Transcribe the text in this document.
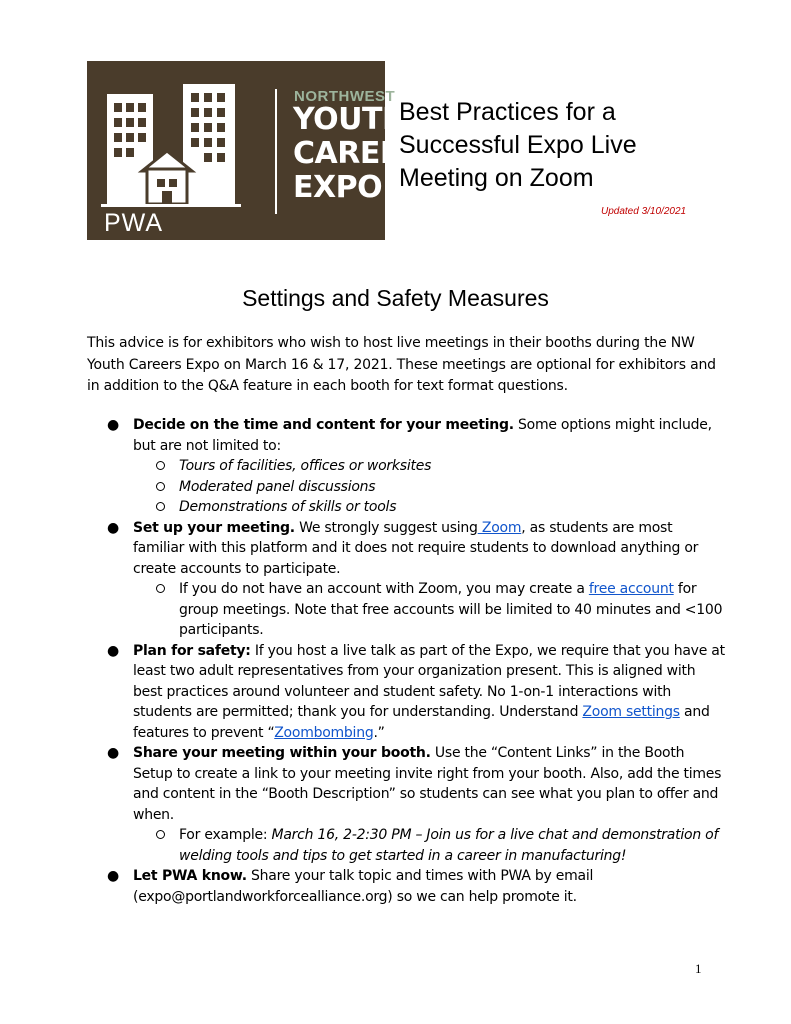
NORTHWEST
YOUTH
CAREERS
EXPO
PWA
Best Practices for a Successful Expo Live Meeting on Zoom
Updated 3/10/2021
Settings and Safety Measures
This advice is for exhibitors who wish to host live meetings in their booths during the NW Youth Careers Expo on March 16 & 17, 2021. These meetings are optional for exhibitors and in addition to the Q&A feature in each booth for text format questions.
● Decide on the time and content for your meeting. Some options might include, but are not limited to:
Tours of facilities, offices or worksites
Moderated panel discussions
Demonstrations of skills or tools
● Set up your meeting. We strongly suggest using Zoom, as students are most familiar with this platform and it does not require students to download anything or create accounts to participate.
If you do not have an account with Zoom, you may create a free account for group meetings. Note that free accounts will be limited to 40 minutes and <100 participants.
● Plan for safety: If you host a live talk as part of the Expo, we require that you have at least two adult representatives from your organization present. This is aligned with best practices around volunteer and student safety. No 1-on-1 interactions with students are permitted; thank you for understanding. Understand Zoom settings and features to prevent “Zoombombing.”
● Share your meeting within your booth. Use the “Content Links” in the Booth Setup to create a link to your meeting invite right from your booth. Also, add the times and content in the “Booth Description” so students can see what you plan to offer and when.
For example: March 16, 2-2:30 PM – Join us for a live chat and demonstration of welding tools and tips to get started in a career in manufacturing!
● Let PWA know. Share your talk topic and times with PWA by email (expo@portlandworkforcealliance.org) so we can help promote it.
1
